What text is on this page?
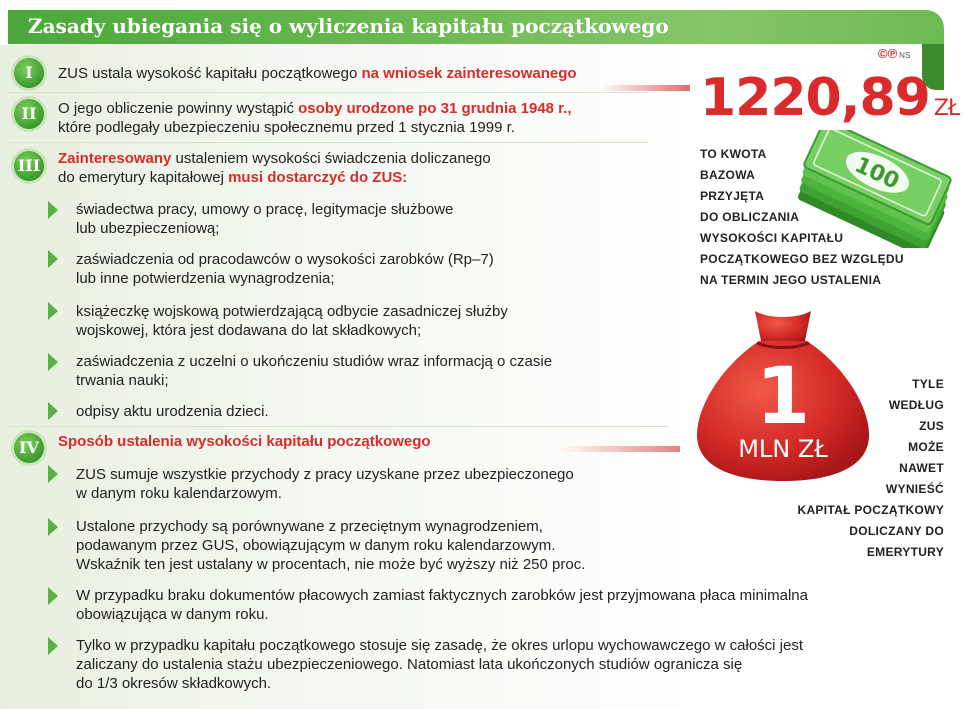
Zasady ubiegania się o wyliczenia kapitału początkowego
©℗ NS
I	ZUS ustala wysokość kapitału początkowego na wniosek zainteresowanego
II	O jego obliczenie powinny wystąpić osoby urodzone po 31 grudnia 1948 r.,
które podlegały ubezpieczeniu społecznemu przed 1 stycznia 1999 r.
III Zainteresowany ustaleniem wysokości świadczenia doliczanego
do emerytury kapitałowej musi dostarczyć do ZUS:
świadectwa pracy, umowy o pracę, legitymacje służbowe
lub ubezpieczeniową;
zaświadczenia od pracodawców o wysokości zarobków (Rp–7)
lub inne potwierdzenia wynagrodzenia;
książeczkę wojskową potwierdzającą odbycie zasadniczej służby
wojskowej, która jest dodawana do lat składkowych;
zaświadczenia z uczelni o ukończeniu studiów wraz informacją o czasie
trwania nauki;
odpisy aktu urodzenia dzieci.
IV	Sposób ustalenia wysokości kapitału początkowego
ZUS sumuje wszystkie przychody z pracy uzyskane przez ubezpieczonego
w danym roku kalendarzowym.
Ustalone przychody są porównywane z przeciętnym wynagrodzeniem,
podawanym przez GUS, obowiązującym w danym roku kalendarzowym.
Wskaźnik ten jest ustalany w procentach, nie może być wyższy niż 250 proc.
W przypadku braku dokumentów płacowych zamiast faktycznych zarobków jest przyjmowana płaca minimalna
obowiązująca w danym roku.
Tylko w przypadku kapitału początkowego stosuje się zasadę, że okres urlopu wychowawczego w całości jest
zaliczany do ustalenia stażu ubezpieczeniowego. Natomiast lata ukończonych studiów ogranicza się
do 1/3 okresów składkowych.
1220,89 ZŁ
100
TO KWOTA
BAZOWA
PRZYJĘTA
DO OBLICZANIA
WYSOKOŚCI KAPITAŁU
POCZĄTKOWEGO BEZ WZGLĘDU
NA TERMIN JEGO USTALENIA
1
MLN ZŁ
TYLE
WEDŁUG
ZUS
MOŻE
NAWET
WYNIEŚĆ
KAPITAŁ POCZĄTKOWY
DOLICZANY DO
EMERYTURY
